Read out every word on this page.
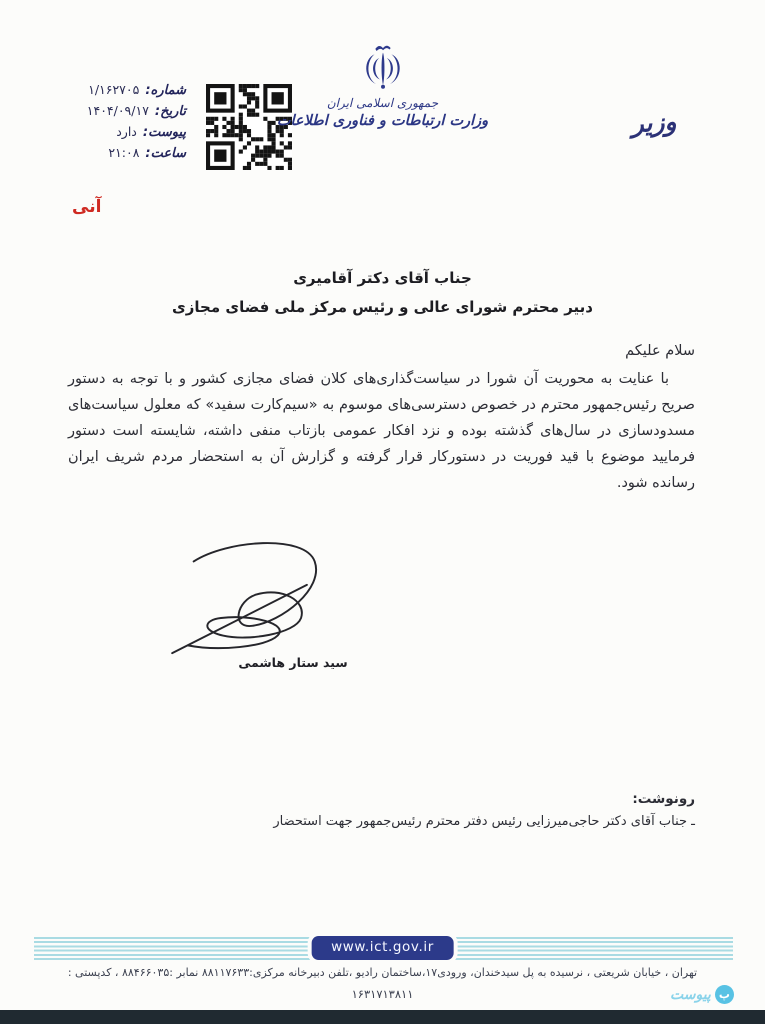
شماره:
۱/۱۶۲۷۰۵
تاریخ:
۱۴۰۴/۰۹/۱۷
پیوست:
دارد
ساعت:
۲۱:۰۸
جمهوری اسلامی ایران
وزارت ارتباطات و فناوری اطلاعات	وزیر
آنی
جناب آقای دکتر آقامیری
دبیر محترم شورای عالی و رئیس مرکز ملی فضای مجازی
سلام علیکم
با عنایت به محوریت آن شورا در سیاست‌گذاری‌های کلان فضای مجازی کشور و با توجه به دستور صریح رئیس‌جمهور محترم در خصوص دسترسی‌های موسوم به «سیم‌کارت سفید» که معلول سیاست‌های مسدودسازی در سال‌های گذشته بوده و نزد افکار عمومی بازتاب منفی داشته، شایسته است دستور فرمایید موضوع با قید فوریت در دستورکار قرار گرفته و گزارش آن به استحضار مردم شریف ایران رسانده شود.
سید ستار هاشمی
رونوشت:
ـ جناب آقای دکتر حاجی‌میرزایی رئیس دفتر محترم رئیس‌جمهور جهت استحضار
www.ict.gov.ir
تهران ، خیابان شریعتی ، نرسیده به پل سیدخندان، ورودی۱۷،ساختمان رادیو ،تلفن دبیرخانه مرکزی:۸۸۱۱۷۶۳۳ نمابر :۸۸۴۶۶۰۳۵ ، کدپستی :
۱۶۳۱۷۱۳۸۱۱	پ
پیوست
